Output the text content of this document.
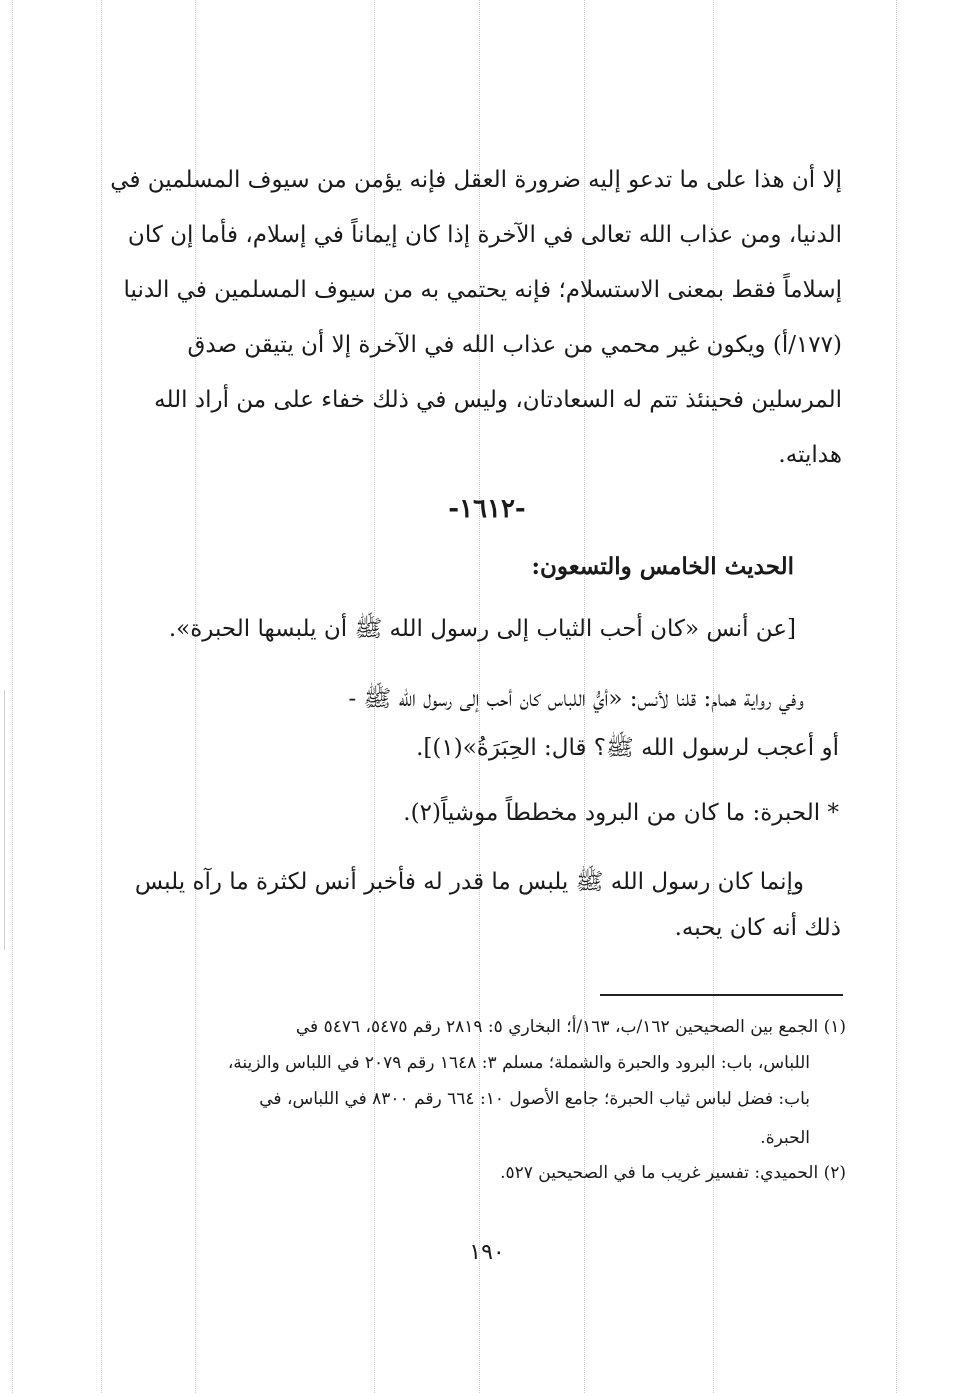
إلا أن هذا على ما تدعو إليه ضرورة العقل فإنه يؤمن من سيوف المسلمين في
الدنيا، ومن عذاب الله تعالى في الآخرة إذا كان إيماناً في إسلام، فأما إن كان
إسلاماً فقط بمعنى الاستسلام؛ فإنه يحتمي به من سيوف المسلمين في الدنيا
(١٧٧/أ) ويكون غير محمي من عذاب الله في الآخرة إلا أن يتيقن صدق
المرسلين فحينئذ تتم له السعادتان، وليس في ذلك خفاء على من أراد الله
هدايته.
-١٦١٢-
الحديث الخامس والتسعون:
[عن أنس «كان أحب الثياب إلى رسول الله ﷺ أن يلبسها الحبرة».
وفي رواية همام: قلنا لأنس: «أيُّ اللباس كان أحب إلى رسول الله ﷺ -
أو أعجب لرسول الله ﷺ؟ قال: الحِبَرَةُ»(١)].
* الحبرة: ما كان من البرود مخططاً موشياً(٢).
وإنما كان رسول الله ﷺ يلبس ما قدر له فأخبر أنس لكثرة ما رآه يلبس
ذلك أنه كان يحبه.
(١) الجمع بين الصحيحين ١٦٢/ب، ١٦٣/أ؛ البخاري ٥: ٢٨١٩ رقم ٥٤٧٥، ٥٤٧٦ في
اللباس، باب: البرود والحبرة والشملة؛ مسلم ٣: ١٦٤٨ رقم ٢٠٧٩ في اللباس والزينة،
باب: فضل لباس ثياب الحبرة؛ جامع الأصول ١٠: ٦٦٤ رقم ٨٣٠٠ في اللباس، في
الحبرة.
(٢) الحميدي: تفسير غريب ما في الصحيحين ٥٢٧.
١٩٠
